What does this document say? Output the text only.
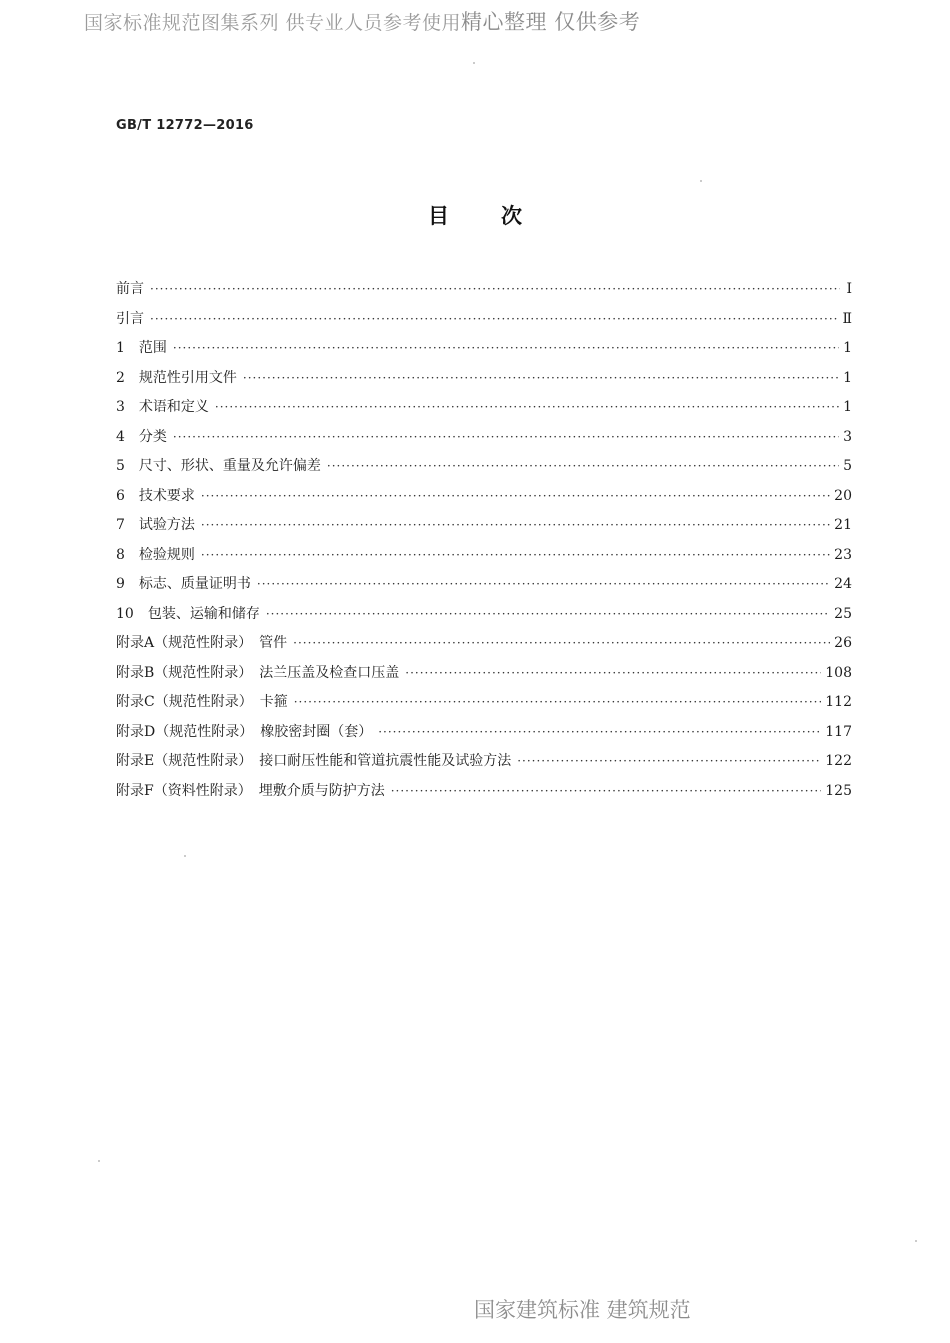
国家标准规范图集系列 供专业人员参考使用精心整理 仅供参考
GB/T 12772—2016
目次
前言 ·····	Ⅰ
引言 ·····	Ⅱ
1　范围 ·····	1
2　规范性引用文件 ·····	1
3　术语和定义 ·····	1
4　分类 ·····	3
5　尺寸、形状、重量及允许偏差 ·····	5
6　技术要求 ·····	20
7　试验方法 ·····	21
8　检验规则 ·····	23
9　标志、质量证明书 ·····	24
10　包装、运输和储存 ·····	25
附录A（规范性附录）　管件 ·····	26
附录B（规范性附录）　法兰压盖及检查口压盖 ·····	108
附录C（规范性附录）　卡箍 ·····	112
附录D（规范性附录）　橡胶密封圈（套） ·····	117
附录E（规范性附录）　接口耐压性能和管道抗震性能及试验方法 ·····	122
附录F（资料性附录）　埋敷介质与防护方法 ·····	125
国家建筑标准 建筑规范
